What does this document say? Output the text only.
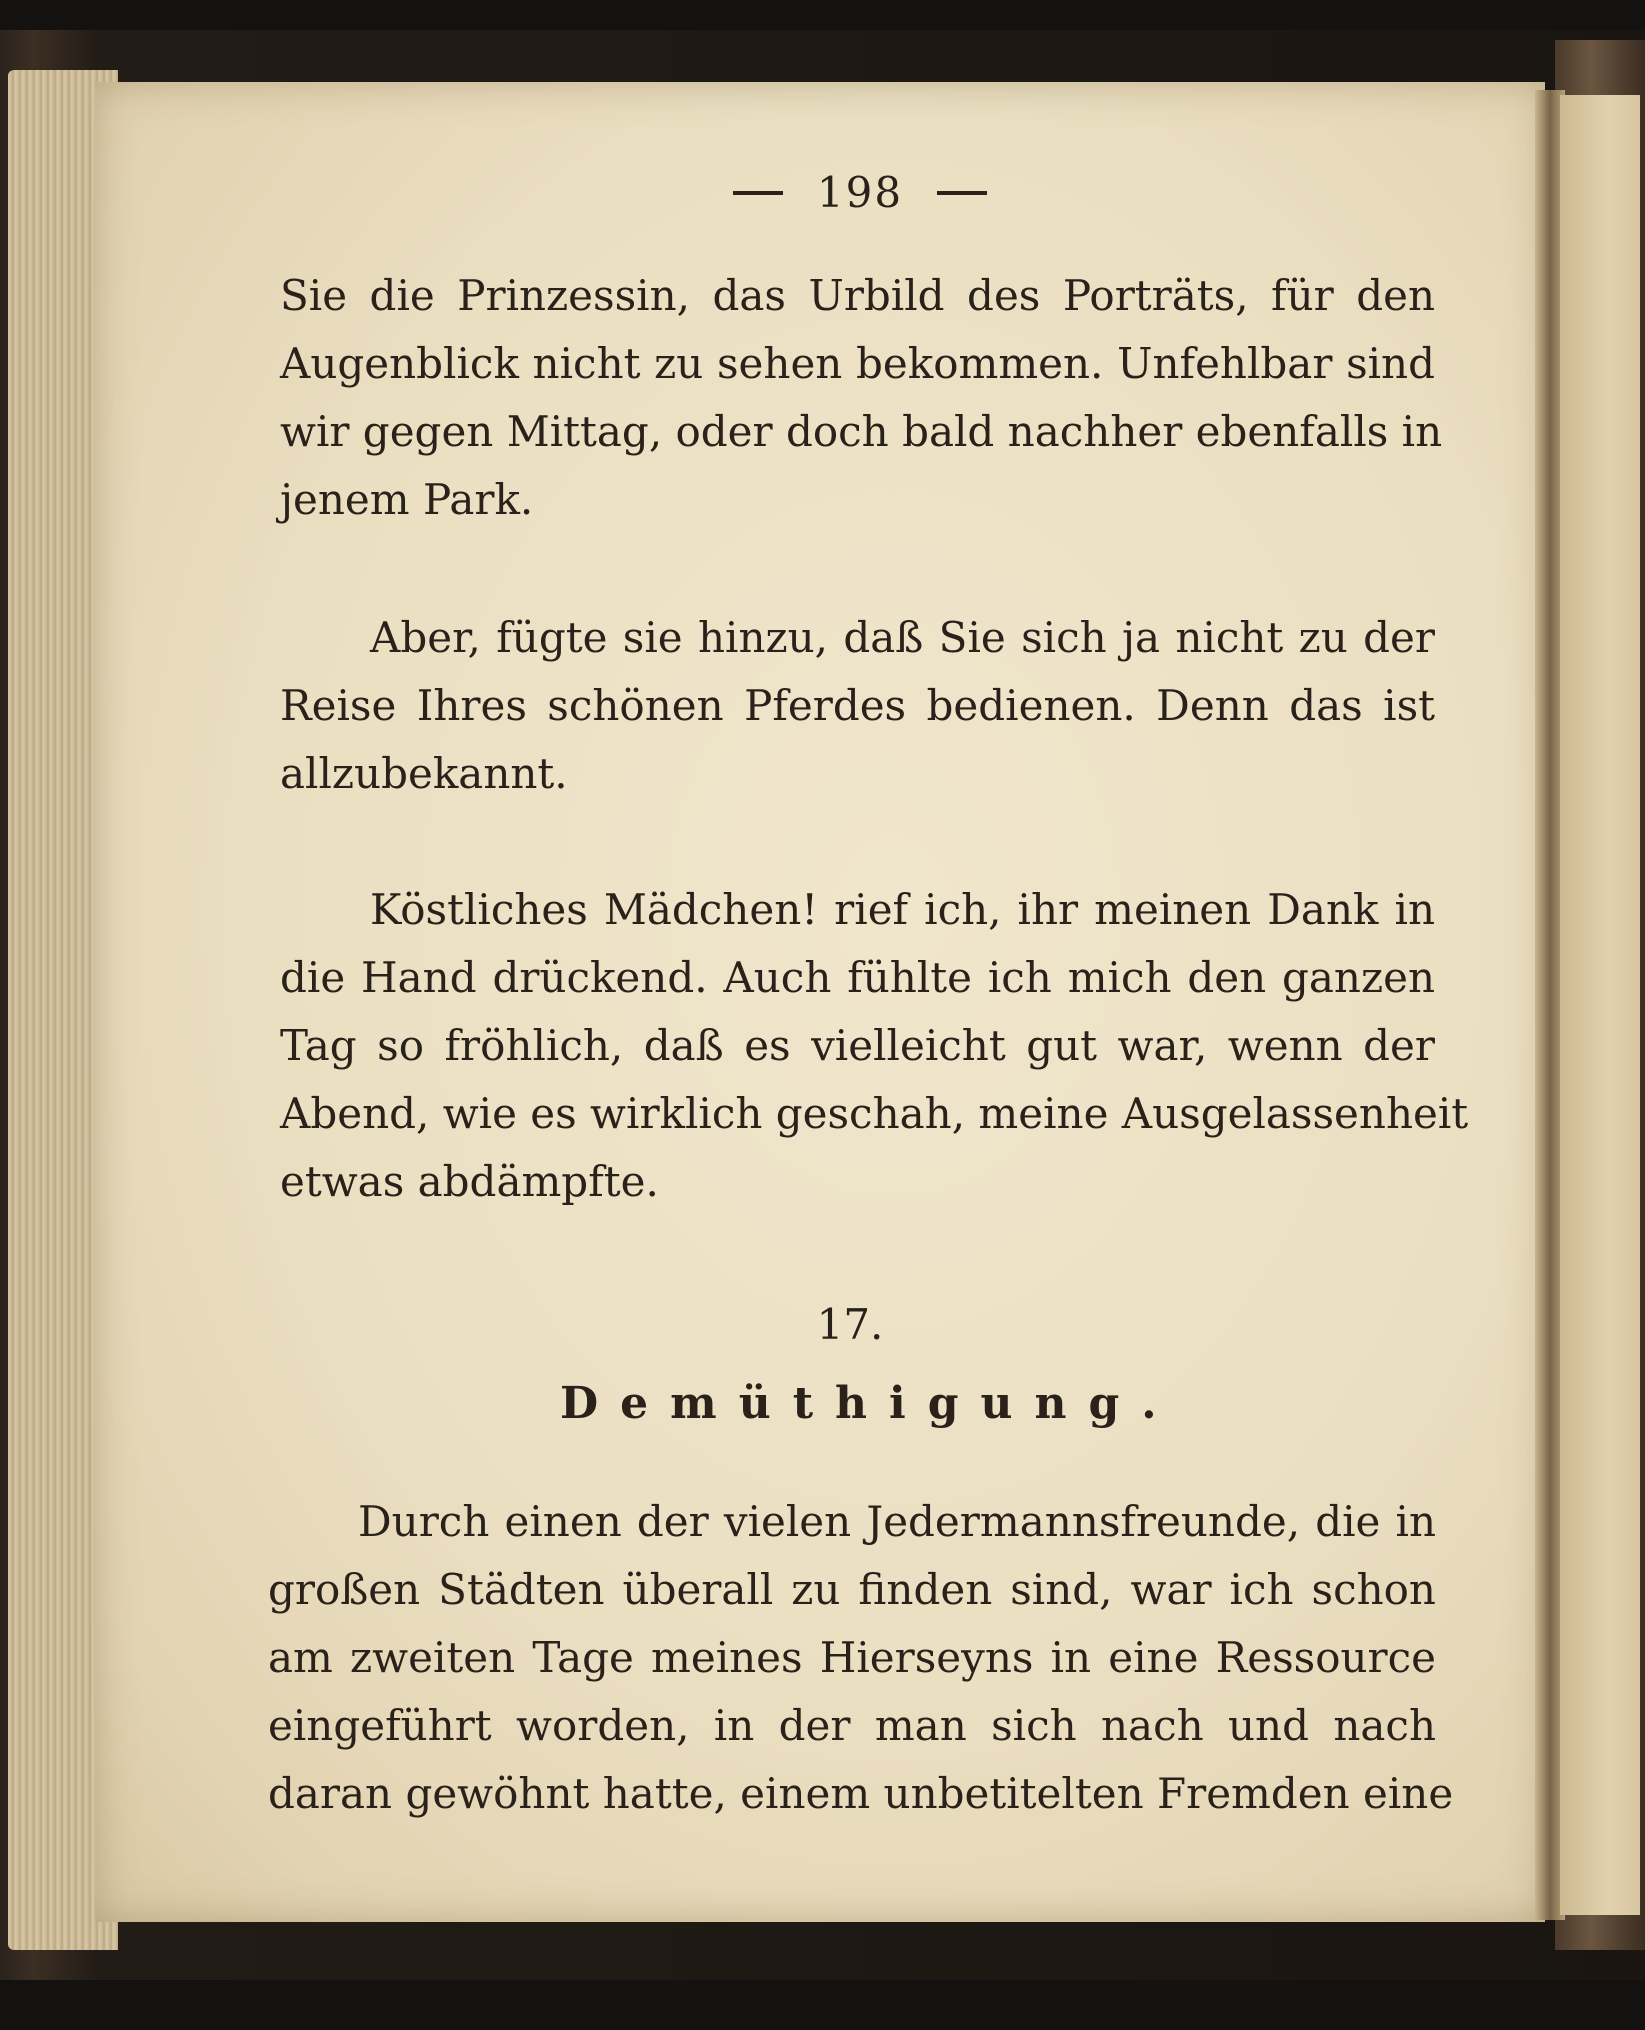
198
Sie die Prinzessin, das Urbild des Porträts, für den
Augenblick nicht zu sehen bekommen. Unfehlbar sind
wir gegen Mittag, oder doch bald nachher ebenfalls in
jenem Park.
Aber, fügte sie hinzu, daß Sie sich ja nicht zu der
Reise Ihres schönen Pferdes bedienen. Denn das ist
allzubekannt.
Köstliches Mädchen! rief ich, ihr meinen Dank in
die Hand drückend. Auch fühlte ich mich den ganzen
Tag so fröhlich, daß es vielleicht gut war, wenn der
Abend, wie es wirklich geschah, meine Ausgelassenheit
etwas abdämpfte.
17.
Demüthigung.
Durch einen der vielen Jedermannsfreunde, die in
großen Städten überall zu finden sind, war ich schon
am zweiten Tage meines Hierseyns in eine Ressource
eingeführt worden, in der man sich nach und nach
daran gewöhnt hatte, einem unbetitelten Fremden eine
